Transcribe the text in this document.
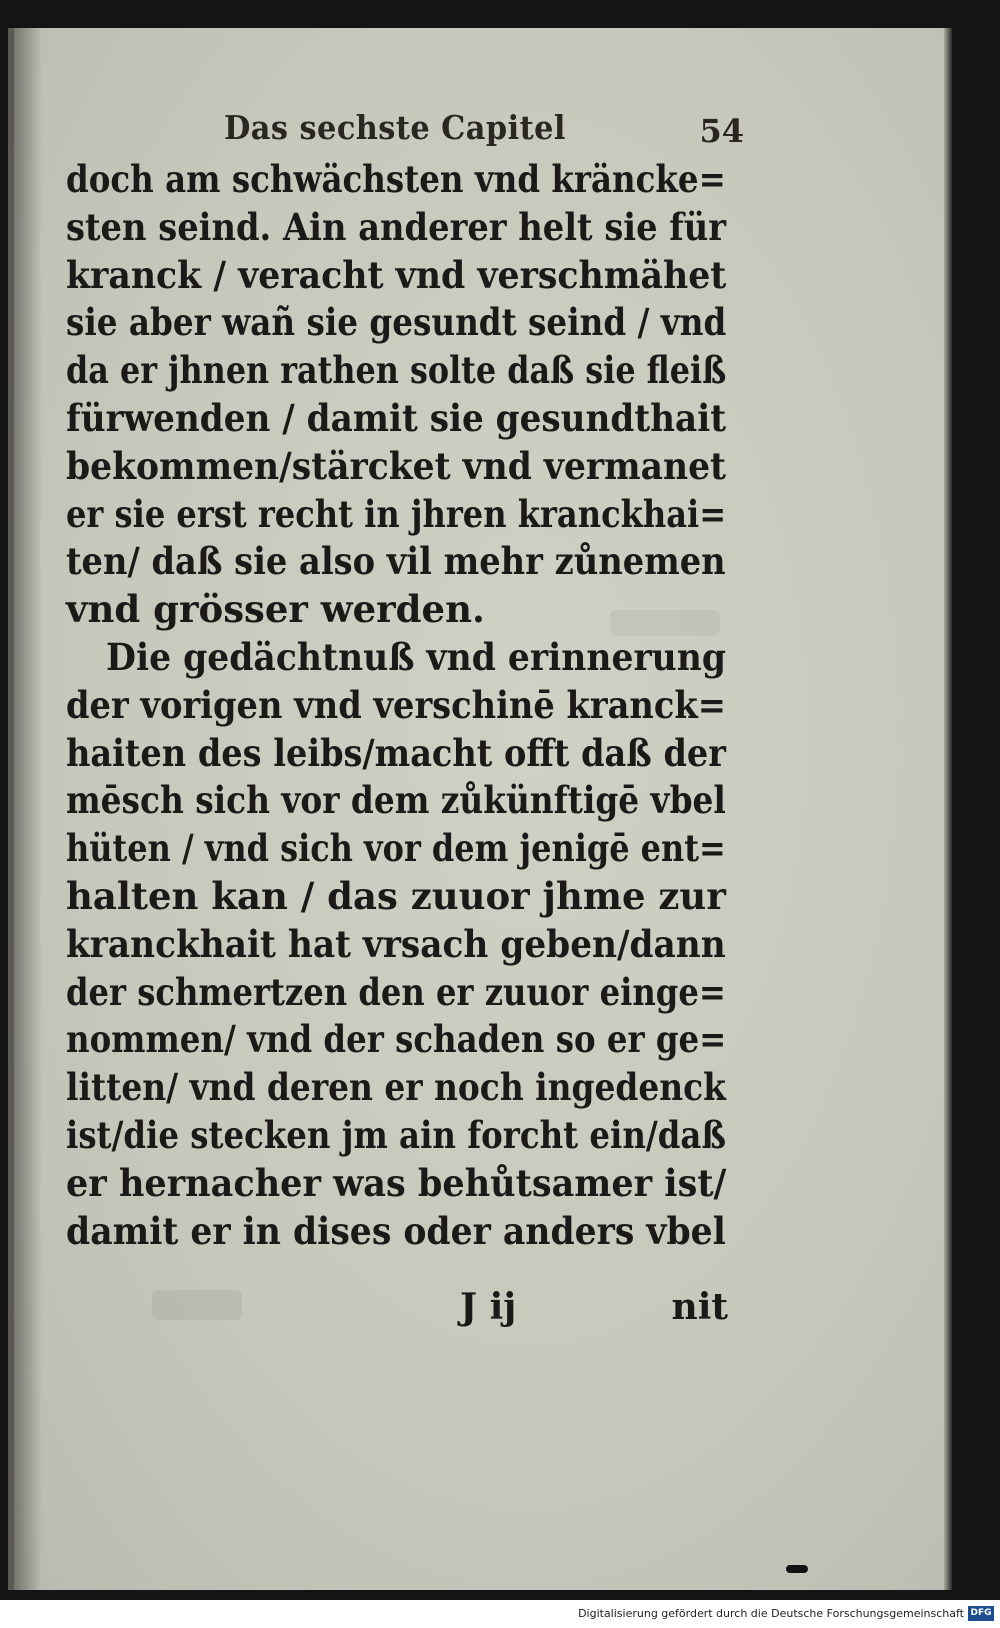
Das sechste Capitel	54
doch am schwächsten vnd kräncke=
sten seind. Ain anderer helt sie für
kranck / veracht vnd verschmähet
sie aber wañ sie gesundt seind / vnd
da er jhnen rathen solte daß sie fleiß
fürwenden / damit sie gesundthait
bekommen/stärcket vnd vermanet
er sie erst recht in jhren kranckhai=
ten/ daß sie also vil mehr zůnemen
vnd grösser werden.
Die gedächtnuß vnd erinnerung
der vorigen vnd verschinē kranck=
haiten des leibs/macht offt daß der
mēsch sich vor dem zůkünftigē vbel
hüten / vnd sich vor dem jenigē ent=
halten kan / das zuuor jhme zur
kranckhait hat vrsach geben/dann
der schmertzen den er zuuor einge=
nommen/ vnd der schaden so er ge=
litten/ vnd deren er noch ingedenck
ist/die stecken jm ain forcht ein/daß
er hernacher was behůtsamer ist/
damit er in dises oder anders vbel
J ij	nit
Digitalisierung gefördert durch die Deutsche Forschungsgemeinschaft DFG
